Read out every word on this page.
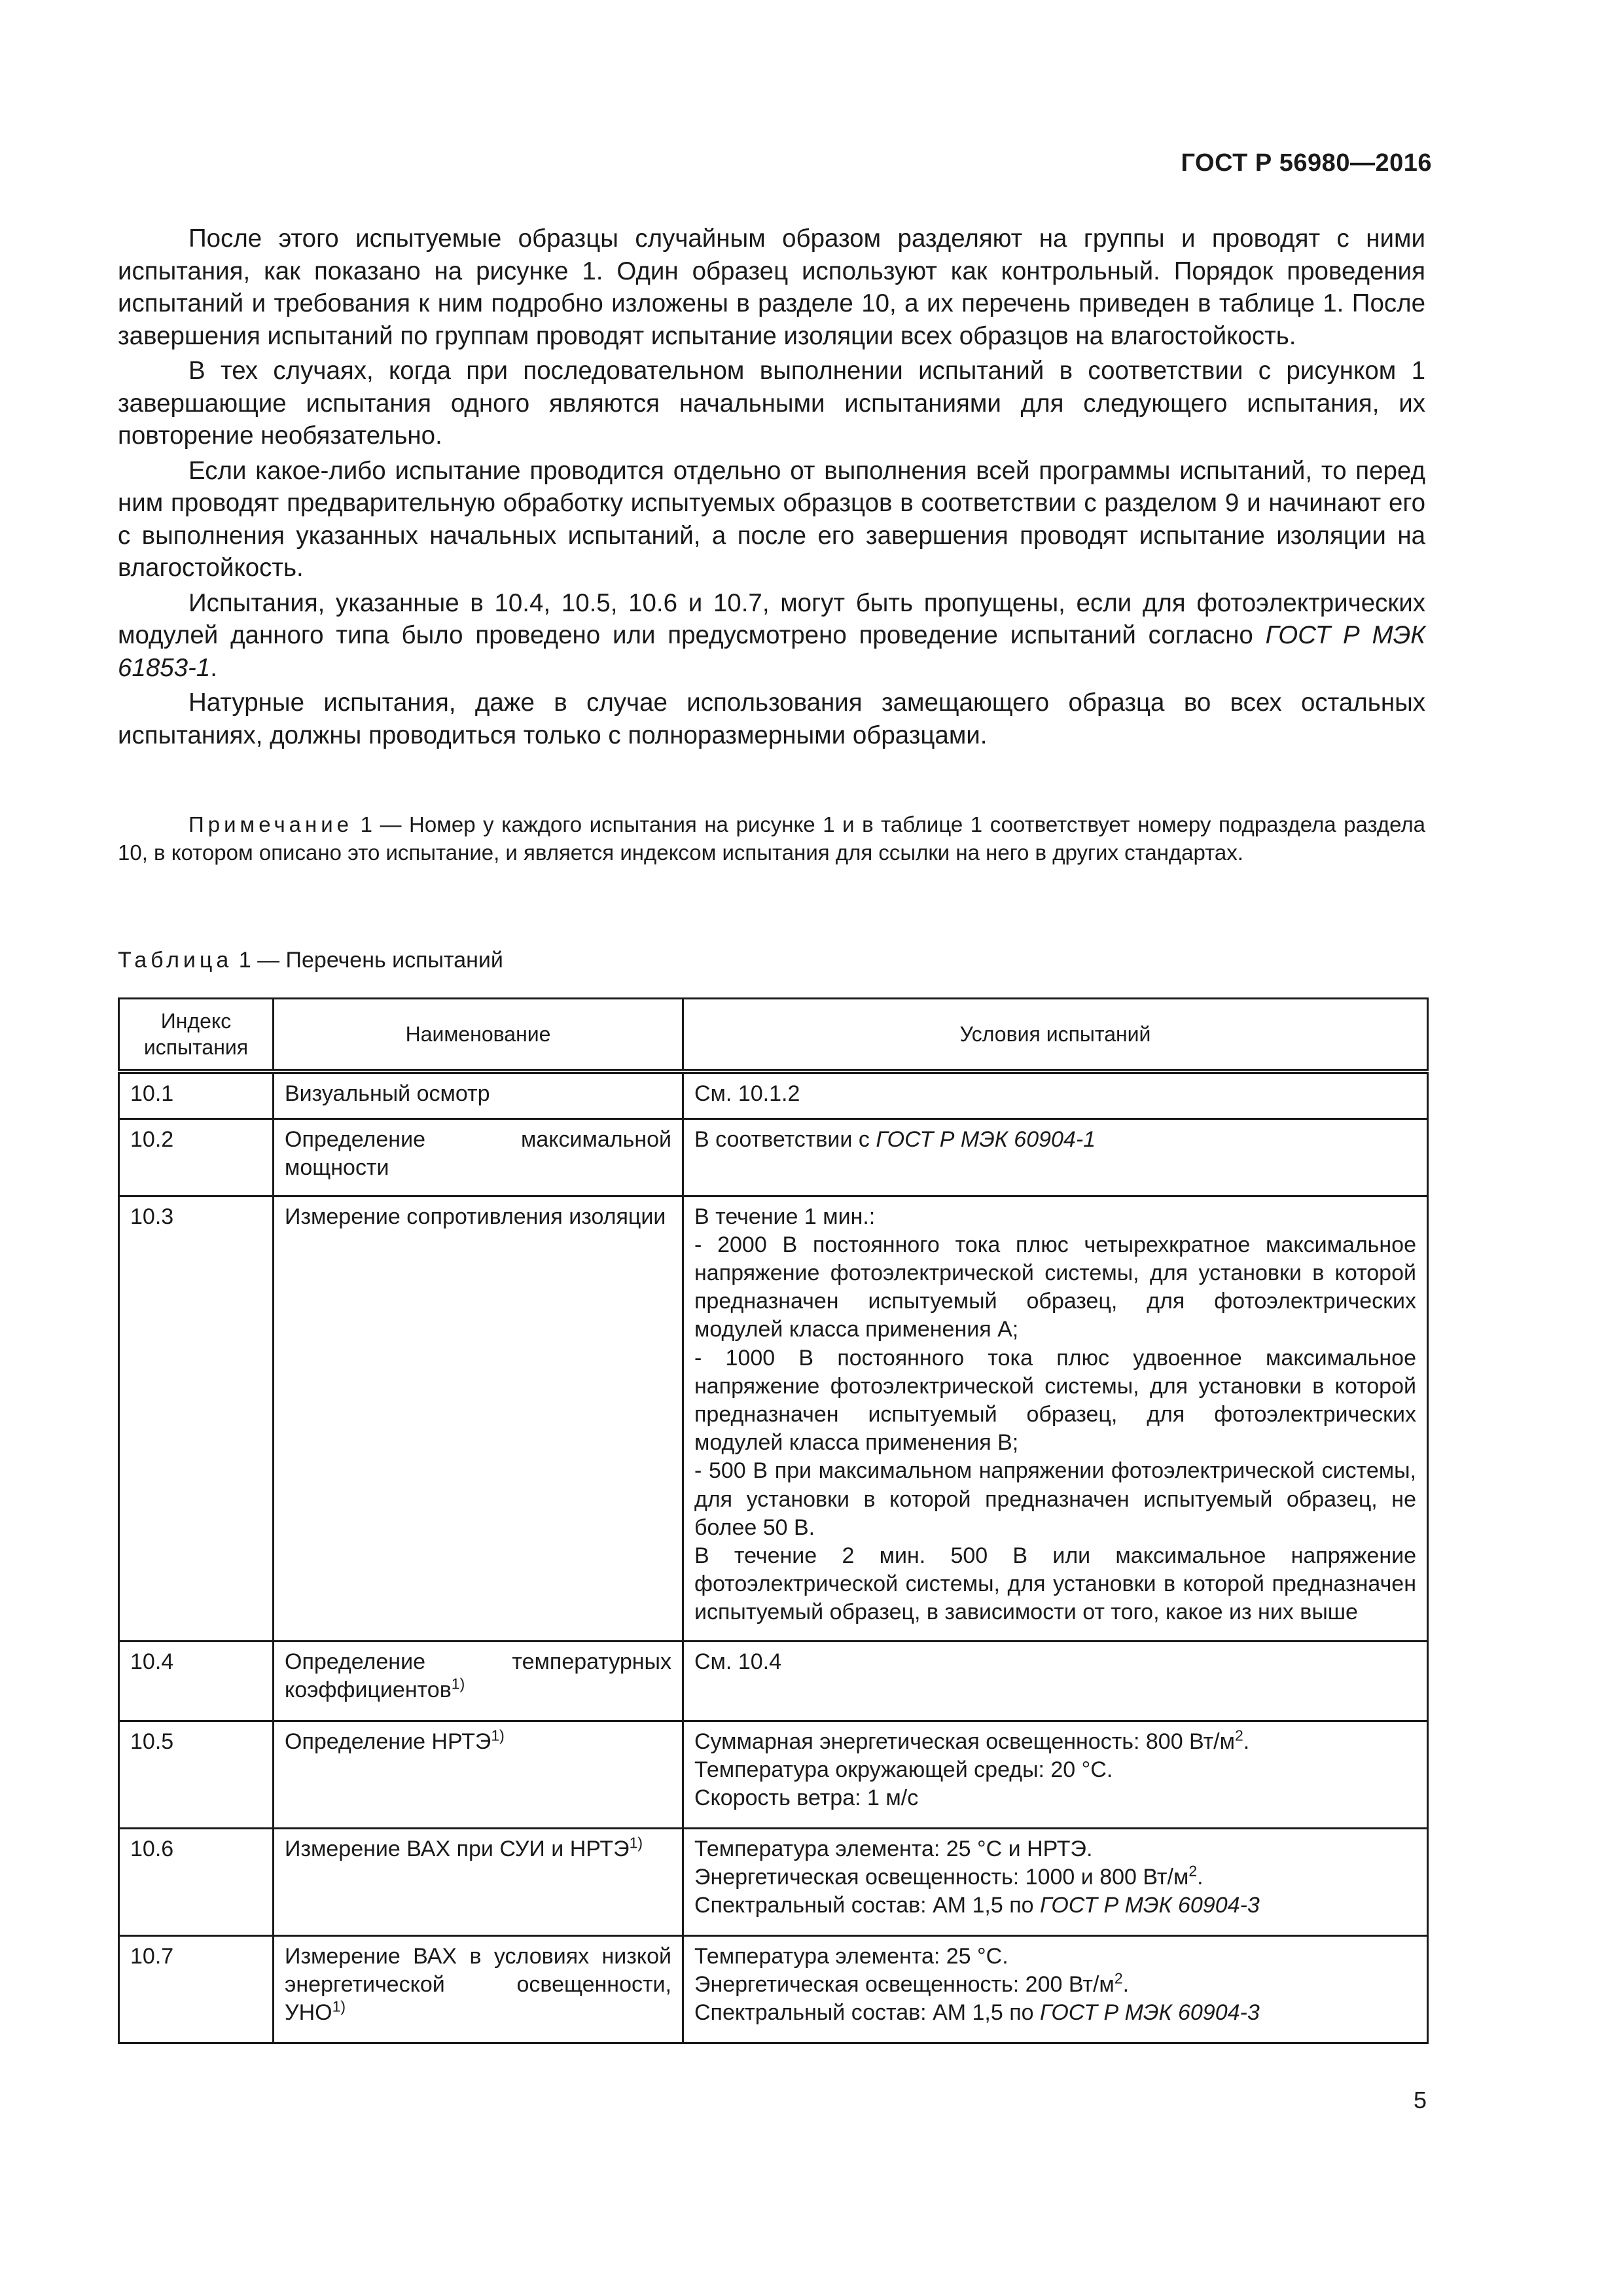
ГОСТ Р 56980—2016

После этого испытуемые образцы случайным образом разделяют на группы и проводят с ними испытания, как показано на рисунке 1. Один образец используют как контрольный. Порядок проведения испытаний и требования к ним подробно изложены в разделе 10, а их перечень приведен в таблице 1. После завершения испытаний по группам проводят испытание изоляции всех образцов на влагостойкость.

В тех случаях, когда при последовательном выполнении испытаний в соответствии с рисунком 1 завершающие испытания одного являются начальными испытаниями для следующего испытания, их повторение необязательно.

Если какое-либо испытание проводится отдельно от выполнения всей программы испытаний, то перед ним проводят предварительную обработку испытуемых образцов в соответствии с разделом 9 и начинают его с выполнения указанных начальных испытаний, а после его завершения проводят испытание изоляции на влагостойкость.

Испытания, указанные в 10.4, 10.5, 10.6 и 10.7, могут быть пропущены, если для фотоэлектрических модулей данного типа было проведено или предусмотрено проведение испытаний согласно ГОСТ Р МЭК 61853-1.

Натурные испытания, даже в случае использования замещающего образца во всех остальных испытаниях, должны проводиться только с полноразмерными образцами.

Примечание 1 — Номер у каждого испытания на рисунке 1 и в таблице 1 соответствует номеру подраздела раздела 10, в котором описано это испытание, и является индексом испытания для ссылки на него в других стандартах.
Таблица 1 — Перечень испытаний
Индекс испытания	Наименование	Условия испытаний
10.1	Визуальный осмотр	См. 10.1.2
10.2	Определение максимальной мощности	В соответствии с ГОСТ Р МЭК 60904-1
10.3	Измерение сопротивления изоляции	В течение 1 мин.:
- 2000 В постоянного тока плюс четырехкратное максимальное напряжение фотоэлектрической системы, для установки в которой предназначен испытуемый образец, для фотоэлектрических модулей класса применения А;
- 1000 В постоянного тока плюс удвоенное максимальное напряжение фотоэлектрической системы, для установки в которой предназначен испытуемый образец, для фотоэлектрических модулей класса применения В;
- 500 В при максимальном напряжении фотоэлектрической системы, для установки в которой предназначен испытуемый образец, не более 50 В.
В течение 2 мин. 500 В или максимальное напряжение фотоэлектрической системы, для установки в которой предназначен испытуемый образец, в зависимости от того, какое из них выше

10.4	Определение температурных коэффициентов$^{1)}$	См. 10.4
10.5	Определение НРТЭ$^{1)}$	Суммарная энергетическая освещенность: 800 $Вт/м^2$.
Температура окружающей среды: 20 °С.
Скорость ветра: 1 м/с

10.6	Измерение ВАХ при СУИ и НРТЭ$^{1)}$	Температура элемента: 25 °С и НРТЭ.
Энергетическая освещенность: 1000 и 800 $Вт/м^2$.
Спектральный состав: АМ 1,5 по ГОСТ Р МЭК 60904-3

10.7	Измерение ВАХ в условиях низкой энергетической освещенности, УНО$^{1)}$	Температура элемента: 25 °С.
Энергетическая освещенность: 200 $Вт/м^2$.
Спектральный состав: АМ 1,5 по ГОСТ Р МЭК 60904-3
5
